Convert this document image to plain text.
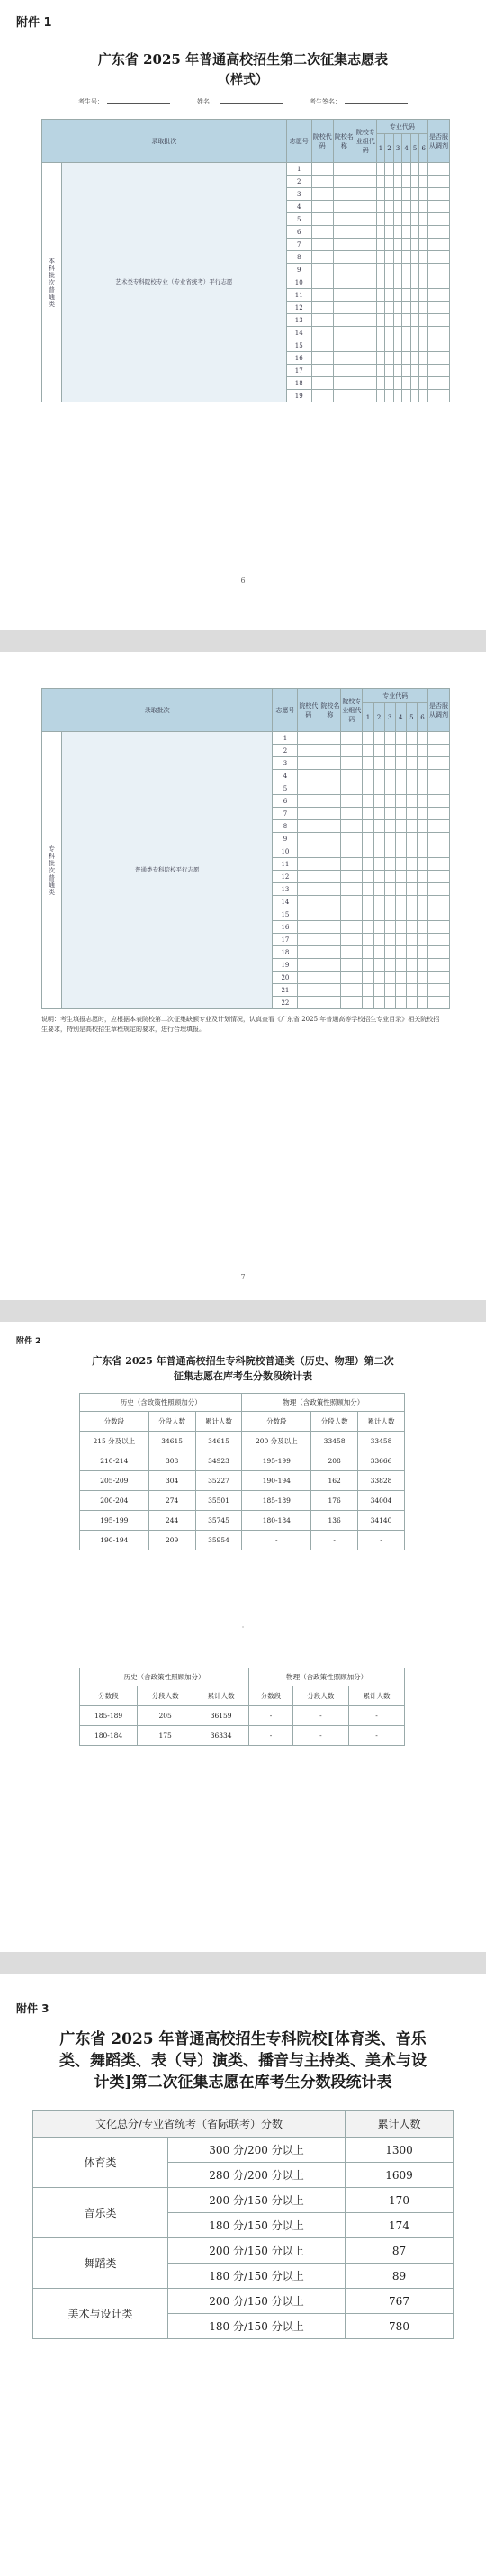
附件 1
广东省 2025 年普通高校招生第二次征集志愿表
（样式）
考生号：	姓名：	考生签名：
录取批次		志愿号	院校代码	院校名称	院校专业组代码	专业代码						是否服从调剂
						1	2	3	4	5	6	

本科批次普通类	艺术类专科院校专业（专业省统考）平行志愿	1										
		2										
		3										
		4										
		5										
		6										
		7										
		8										
		9										
		10										
		11										
		12										
		13										
		14										
		15										
		16										
		17										
		18										
		19										
6
录取批次		志愿号	院校代码	院校名称	院校专业组代码	专业代码						是否服从调剂
						1	2	3	4	5	6	

专科批次普通类	普通类专科院校平行志愿	1										
		2										
		3										
		4										
		5										
		6										
		7										
		8										
		9										
		10										
		11										
		12										
		13										
		14										
		15										
		16										
		17										
		18										
		19										
		20										
		21										
		22										
说明：考生填报志愿时，应根据本表院校第二次征集缺额专业及计划情况，认真查看《广东省 2025 年普通高等学校招生专业目录》相关院校招生要求，特别是高校招生章程规定的要求，进行合理填报。
7
附件 2
广东省 2025 年普通高校招生专科院校普通类（历史、物理）第二次征集志愿在库考生分数段统计表
历史（含政策性照顾加分）			物理（含政策性照顾加分）		
分数段	分段人数	累计人数	分数段	分段人数	累计人数
215 分及以上	34615	34615	200 分及以上	33458	33458
210-214	308	34923	195-199	208	33666
205-209	304	35227	190-194	162	33828
200-204	274	35501	185-189	176	34004
195-199	244	35745	180-184	136	34140
190-194	209	35954	-	-	-
·
历史（含政策性照顾加分）			物理（含政策性照顾加分）		
分数段	分段人数	累计人数	分数段	分段人数	累计人数
185-189	205	36159	-	-	-
180-184	175	36334	-	-	-
附件 3
广东省 2025 年普通高校招生专科院校[体育类、音乐类、舞蹈类、表（导）演类、播音与主持类、美术与设计类]第二次征集志愿在库考生分数段统计表
文化总分/专业省统考（省际联考）分数		累计人数
体育类	300 分/200 分以上	1300
	280 分/200 分以上	1609
音乐类	200 分/150 分以上	170
	180 分/150 分以上	174
舞蹈类	200 分/150 分以上	87
	180 分/150 分以上	89
美术与设计类	200 分/150 分以上	767
	180 分/150 分以上	780
